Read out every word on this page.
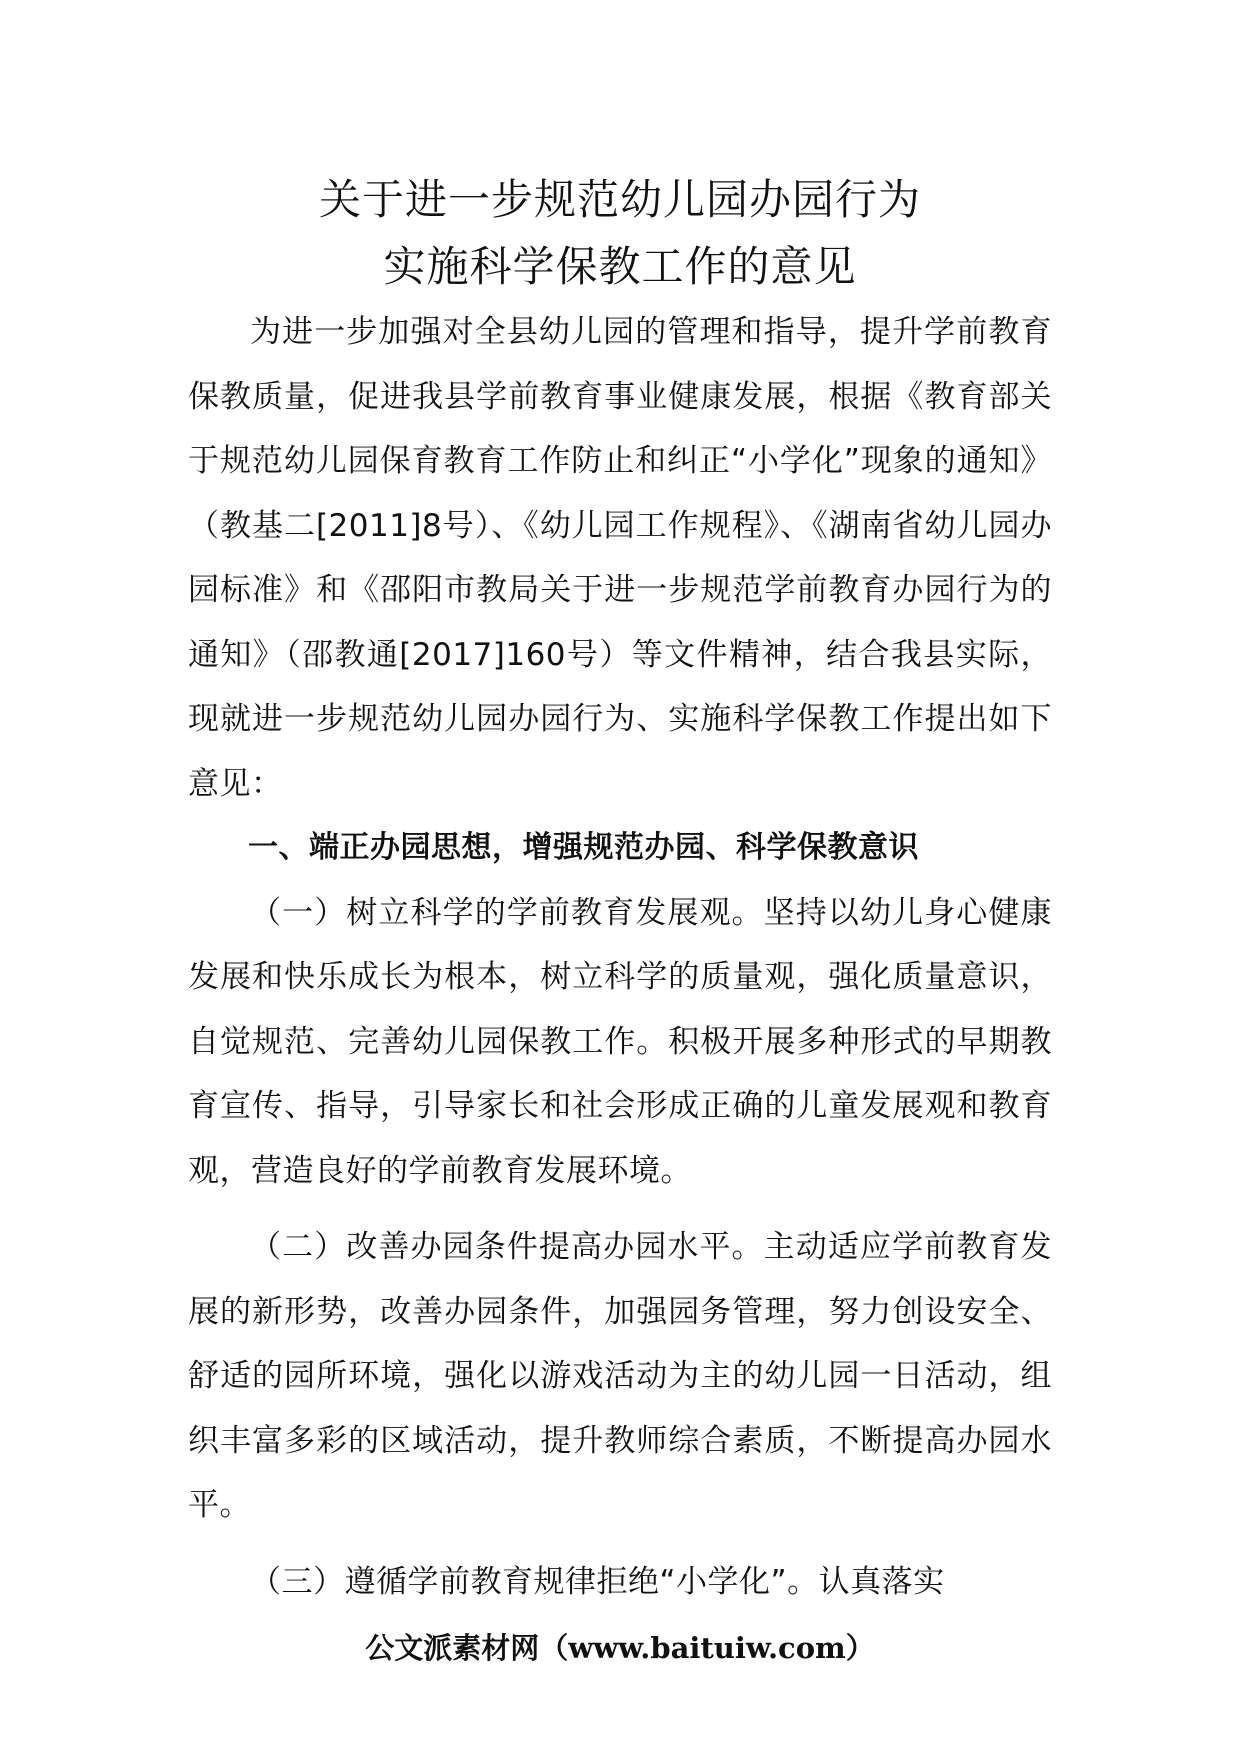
关于进一步规范幼儿园办园行为
实施科学保教工作的意见

为进一步加强对全县幼儿园的管理和指导，提升学前教育保教质量，促进我县学前教育事业健康发展，根据《教育部关于规范幼儿园保育教育工作防止和纠正“小学化”现象的通知》（教基二[2011]8号）、《幼儿园工作规程》、《湖南省幼儿园办园标准》和《邵阳市教局关于进一步规范学前教育办园行为的通知》（邵教通[2017]160号）等文件精神，结合我县实际，现就进一步规范幼儿园办园行为、实施科学保教工作提出如下意见：

一、端正办园思想，增强规范办园、科学保教意识

（一）树立科学的学前教育发展观。坚持以幼儿身心健康发展和快乐成长为根本，树立科学的质量观，强化质量意识，自觉规范、完善幼儿园保教工作。积极开展多种形式的早期教育宣传、指导，引导家长和社会形成正确的儿童发展观和教育观，营造良好的学前教育发展环境。

（二）改善办园条件提高办园水平。主动适应学前教育发展的新形势，改善办园条件，加强园务管理，努力创设安全、舒适的园所环境，强化以游戏活动为主的幼儿园一日活动，组织丰富多彩的区域活动，提升教师综合素质，不断提高办园水平。

（三）遵循学前教育规律拒绝“小学化”。认真落实

公文派素材网（www.baituiw.com）
